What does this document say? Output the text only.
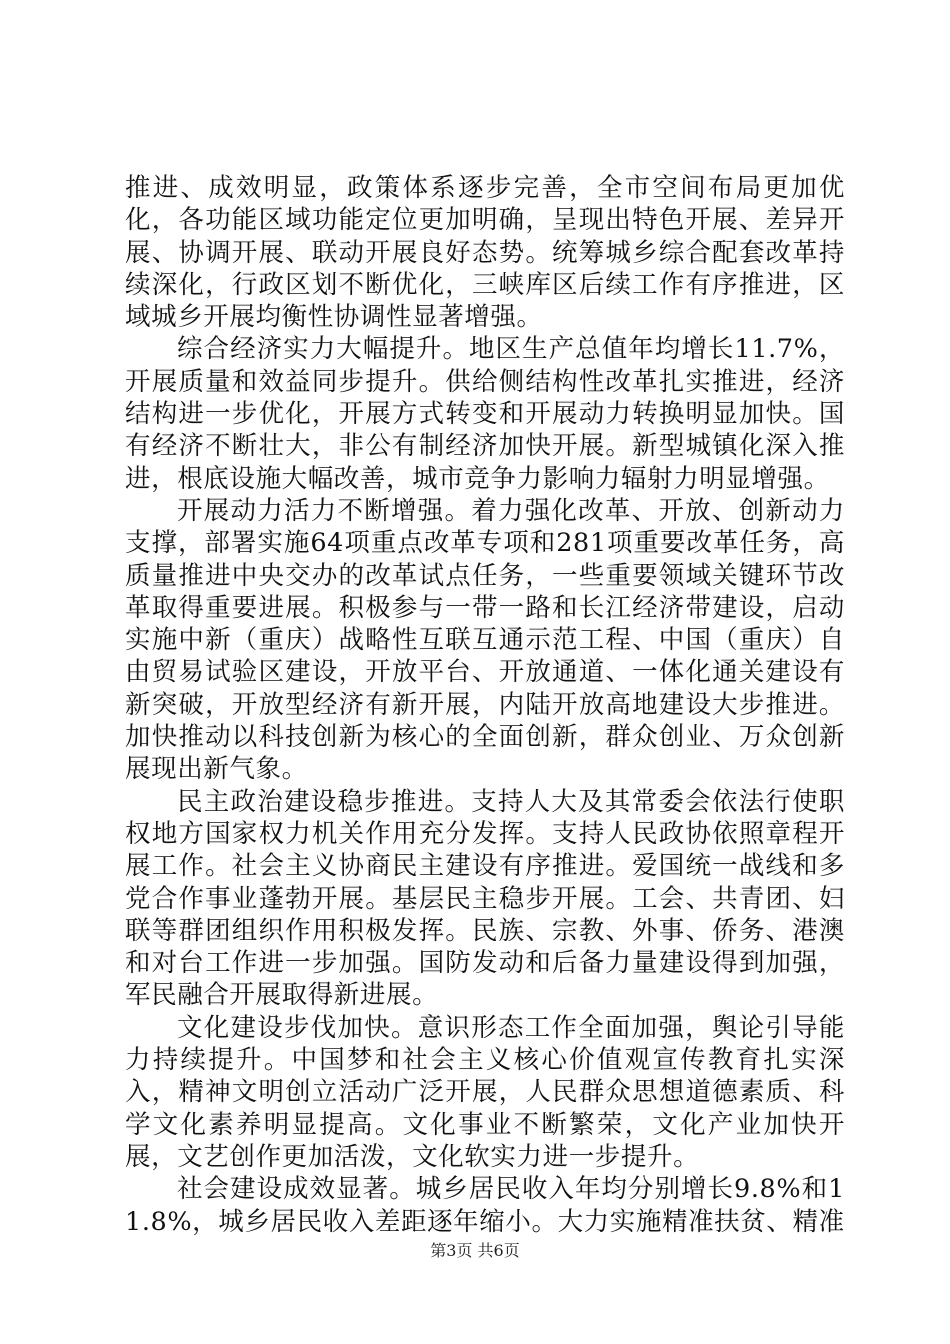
推进、成效明显，政策体系逐步完善，全市空间布局更加优化，各功能区域功能定位更加明确，呈现出特色开展、差异开展、协调开展、联动开展良好态势。统筹城乡综合配套改革持续深化，行政区划不断优化，三峡库区后续工作有序推进，区域城乡开展均衡性协调性显著增强。

综合经济实力大幅提升。地区生产总值年均增长11.7%，开展质量和效益同步提升。供给侧结构性改革扎实推进，经济结构进一步优化，开展方式转变和开展动力转换明显加快。国有经济不断壮大，非公有制经济加快开展。新型城镇化深入推进，根底设施大幅改善，城市竞争力影响力辐射力明显增强。

开展动力活力不断增强。着力强化改革、开放、创新动力支撑，部署实施64项重点改革专项和281项重要改革任务，高质量推进中央交办的改革试点任务，一些重要领域关键环节改革取得重要进展。积极参与一带一路和长江经济带建设，启动实施中新（重庆）战略性互联互通示范工程、中国（重庆）自由贸易试验区建设，开放平台、开放通道、一体化通关建设有新突破，开放型经济有新开展，内陆开放高地建设大步推进。加快推动以科技创新为核心的全面创新，群众创业、万众创新展现出新气象。

民主政治建设稳步推进。支持人大及其常委会依法行使职权地方国家权力机关作用充分发挥。支持人民政协依照章程开展工作。社会主义协商民主建设有序推进。爱国统一战线和多党合作事业蓬勃开展。基层民主稳步开展。工会、共青团、妇联等群团组织作用积极发挥。民族、宗教、外事、侨务、港澳和对台工作进一步加强。国防发动和后备力量建设得到加强，军民融合开展取得新进展。

文化建设步伐加快。意识形态工作全面加强，舆论引导能力持续提升。中国梦和社会主义核心价值观宣传教育扎实深入，精神文明创立活动广泛开展，人民群众思想道德素质、科学文化素养明显提高。文化事业不断繁荣，文化产业加快开展，文艺创作更加活泼，文化软实力进一步提升。

社会建设成效显著。城乡居民收入年均分别增长9.8%和11.8%，城乡居民收入差距逐年缩小。大力实施精准扶贫、精准

第3页 共6页
